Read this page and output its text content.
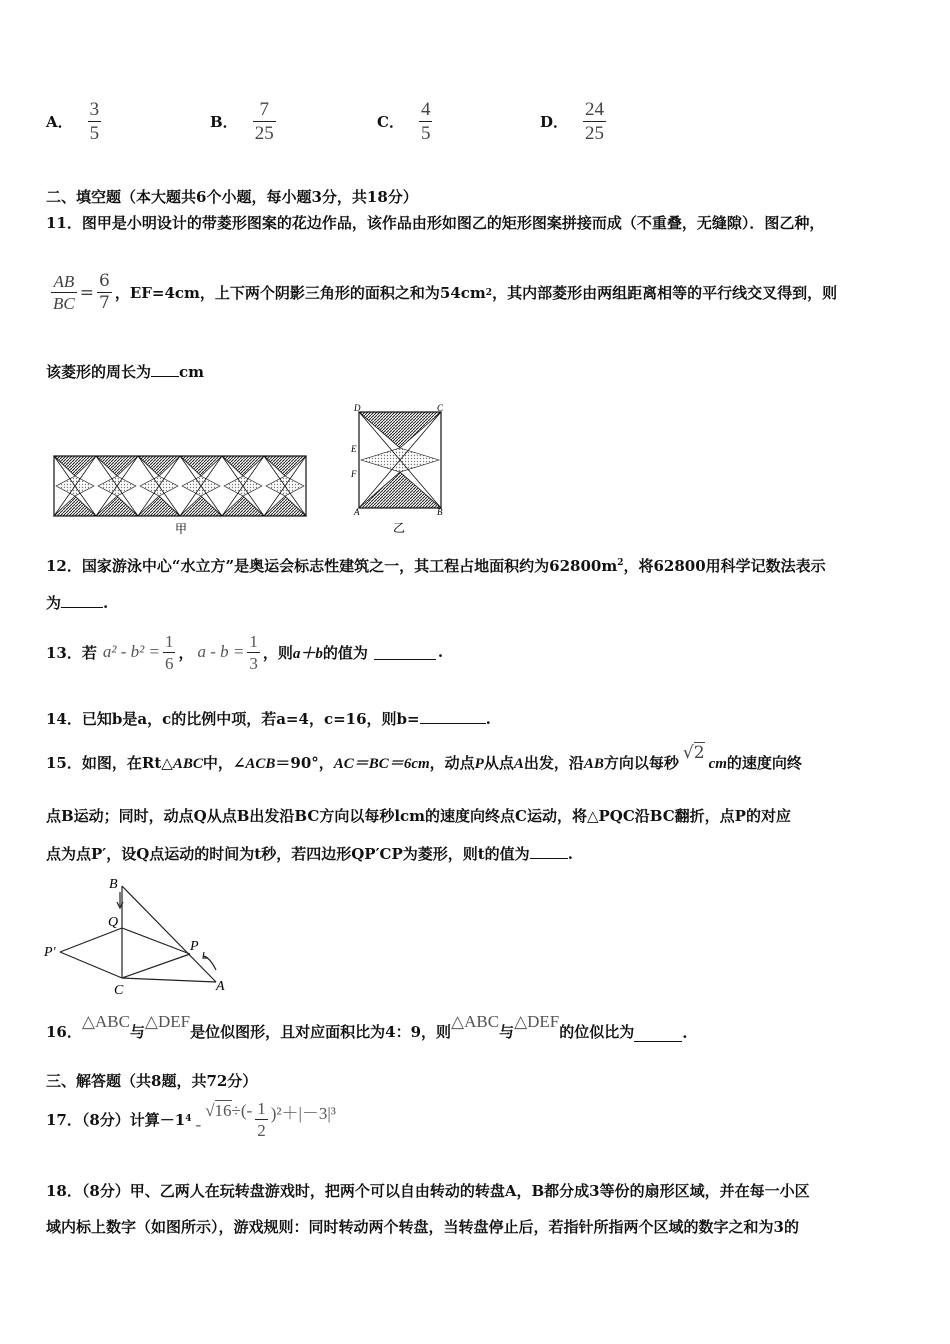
A． $\frac{3}{5}$	B． $\frac{7}{25}$	C． $\frac{4}{5}$	D． $\frac{24}{25}$
二、填空题（本大题共6个小题，每小题3分，共18分）
11．图甲是小明设计的带菱形图案的花边作品，该作品由形如图乙的矩形图案拼接而成（不重叠，无缝隙）．图乙种，
$\frac{AB}{BC} = \frac{6}{7}$ ，EF=4cm，上下两个阴影三角形的面积之和为54cm 2 ，其内部菱形由两组距离相等的平行线交叉得到，则
该菱形的周长为 cm
甲
D	C
E
F
A	B
乙
12．国家游泳中心“水立方”是奥运会标志性建筑之一，其工程占地面积约为$62800m^2$，将62800用科学记数法表示
为	.
13．若 $a^2 - b^2 = \frac{1}{6}$ ， $a - b = \frac{1}{3}$ ，则 a＋b 的值为	.
14．已知b是a，c的比例中项，若a=4，c=16，则b=	.
15．如图，在Rt△ ABC 中，∠ ACB ＝90°， AC＝BC＝6cm ，动点 P 从点 A 出发，沿 AB 方向以每秒 √2
cm 的速度向终
点B运动；同时，动点Q从点B出发沿BC方向以每秒lcm的速度向终点C运动，将△PQC沿BC翻折，点P的对应
点为点P′，设Q点运动的时间为t秒，若四边形QP′CP为菱形，则t的值为	.
B
Q
P′	P
C	A
16．
△ABC
与
△DEF
是位似图形，且对应面积比为4：9，则
△ABC
与
△DEF
的位似比为	.
三、解答题（共8题，共72分）
17．（8分）计算－1 4 -
√16 ÷(- $\frac{1}{2} )^2+|-3|^3$
18．（8分）甲、乙两人在玩转盘游戏时，把两个可以自由转动的转盘A，B都分成3等份的扇形区域，并在每一小区
域内标上数字（如图所示），游戏规则：同时转动两个转盘，当转盘停止后，若指针所指两个区域的数字之和为3的
